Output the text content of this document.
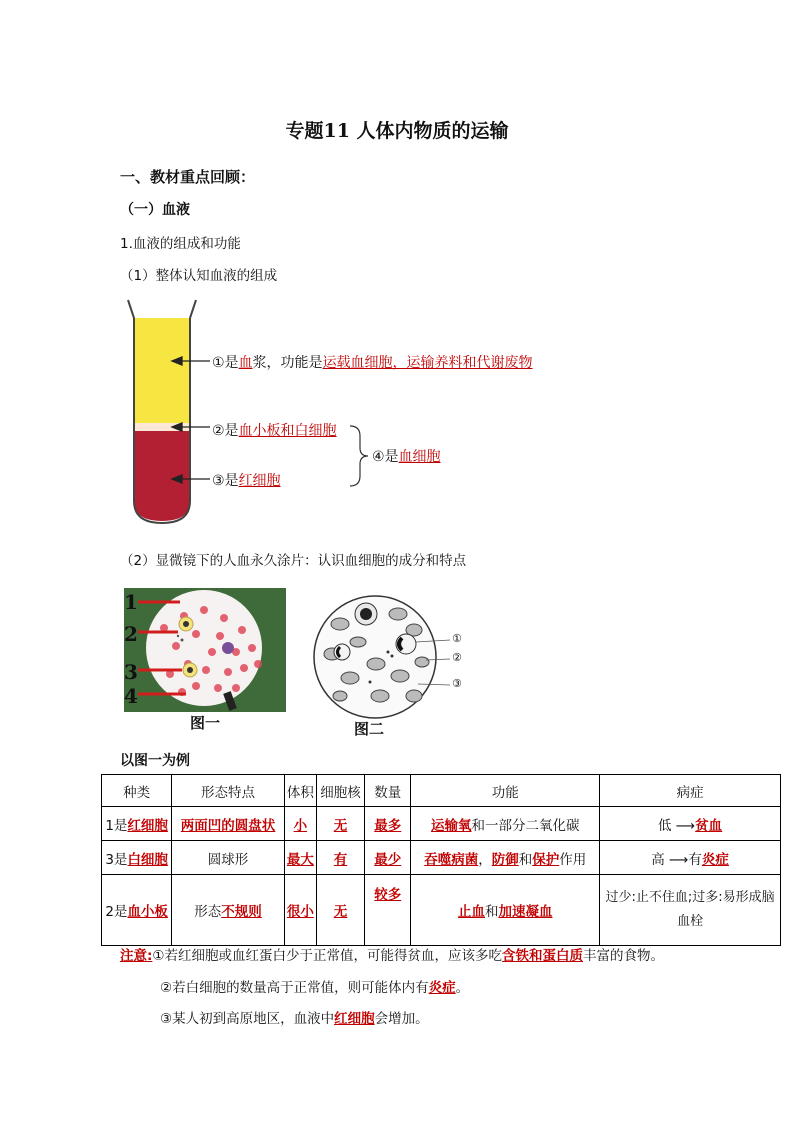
专题11 人体内物质的运输
一、教材重点回顾：
（一）血液
1.血液的组成和功能
（1）整体认知血液的组成
①是血浆，功能是运载血细胞，运输养料和代谢废物
②是血小板和白细胞
③是红细胞
④是血细胞
（2）显微镜下的人血永久涂片：认识血细胞的成分和特点
1
2
3
4
图一
①
②
③
图二
以图一为例
种类	形态特点	体积	细胞核	数量	功能	病症
1是红细胞	两面凹的圆盘状	小	无	最多	运输氧和一部分二氧化碳	低 ⟶贫血
3是白细胞	圆球形	最大	有	最少	吞噬病菌，防御和保护作用	高 ⟶有炎症
2是血小板	形态不规则	很小	无	较多	止血和加速凝血	过少:止不住血;过多:易形成脑血栓
注意:①若红细胞或血红蛋白少于正常值，可能得贫血，应该多吃含铁和蛋白质丰富的食物。
②若白细胞的数量高于正常值，则可能体内有炎症。
③某人初到高原地区，血液中红细胞会增加。
